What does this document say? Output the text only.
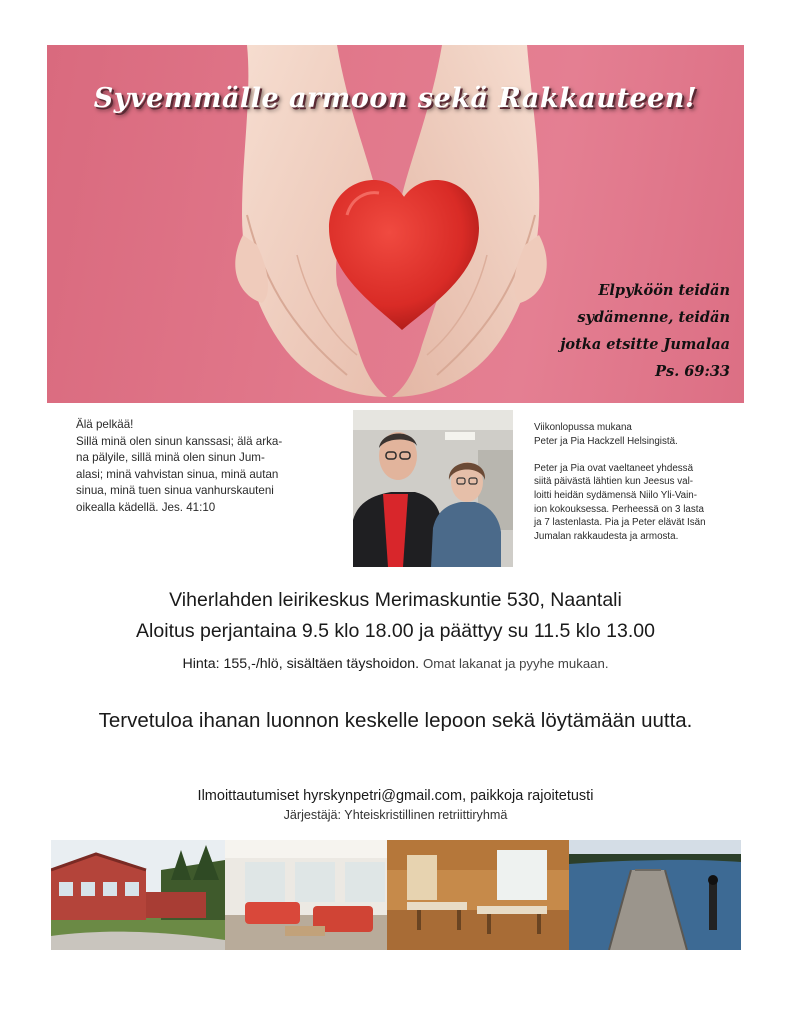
Syvemmälle armoon sekä Rakkauteen!
Elpyköön teidän
sydämenne, teidän
jotka etsitte Jumalaa
Ps. 69:33
Älä pelkää!
Sillä minä olen sinun kanssasi; älä arka-
na pälyile, sillä minä olen sinun Jum-
alasi; minä vahvistan sinua, minä autan
sinua, minä tuen sinua vanhurskauteni
oikealla kädellä. Jes. 41:10
Viikonlopussa mukana
Peter ja Pia Hackzell Helsingistä.
Peter ja Pia ovat vaeltaneet yhdessä
siitä päivästä lähtien kun Jeesus val-
loitti heidän sydämensä Niilo Yli-Vain-
ion kokouksessa. Perheessä on 3 lasta
ja 7 lastenlasta. Pia ja Peter elävät Isän
Jumalan rakkaudesta ja armosta.
Viherlahden leirikeskus Merimaskuntie 530, Naantali
Aloitus perjantaina 9.5 klo 18.00 ja päättyy su 11.5 klo 13.00
Hinta: 155,-/hlö, sisältäen täyshoidon. Omat lakanat ja pyyhe mukaan.
Tervetuloa ihanan luonnon keskelle lepoon sekä löytämään uutta.
Ilmoittautumiset hyrskynpetri@gmail.com, paikkoja rajoitetusti
Järjestäjä: Yhteiskristillinen retriittiryhmä
